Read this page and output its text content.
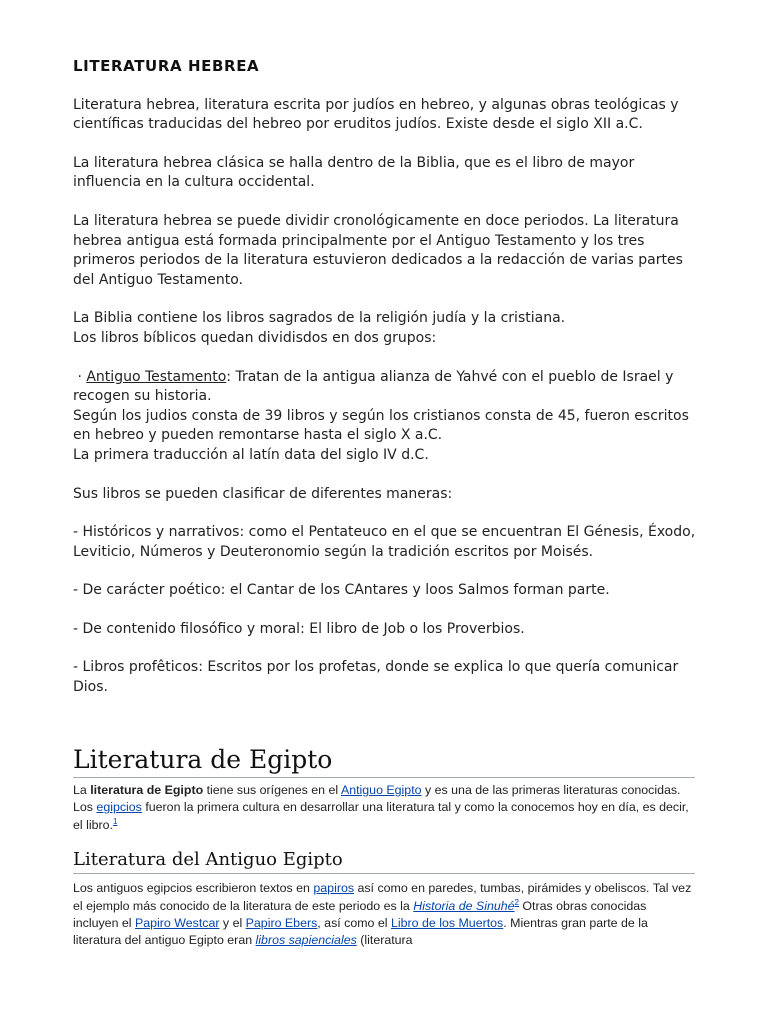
LITERATURA HEBREA

Literatura hebrea, literatura escrita por judíos en hebreo, y algunas obras teológicas y científicas traducidas del hebreo por eruditos judíos. Existe desde el siglo XII a.C.

La literatura hebrea clásica se halla dentro de la Biblia, que es el libro de mayor influencia en la cultura occidental.

La literatura hebrea se puede dividir cronológicamente en doce periodos. La literatura hebrea antigua está formada principalmente por el Antiguo Testamento y los tres primeros periodos de la literatura estuvieron dedicados a la redacción de varias partes del Antiguo Testamento.

La Biblia contiene los libros sagrados de la religión judía y la cristiana.
Los libros bíblicos quedan dividisdos en dos grupos:

· Antiguo Testamento: Tratan de la antigua alianza de Yahvé con el pueblo de Israel y recogen su historia.
Según los judios consta de 39 libros y según los cristianos consta de 45, fueron escritos en hebreo y pueden remontarse hasta el siglo X a.C.
La primera traducción al latín data del siglo IV d.C.

Sus libros se pueden clasificar de diferentes maneras:

- Históricos y narrativos: como el Pentateuco en el que se encuentran El Génesis, Éxodo, Leviticio, Números y Deuteronomio según la tradición escritos por Moisés.

- De carácter poético: el Cantar de los CAntares y loos Salmos forman parte.

- De contenido filosófico y moral: El libro de Job o los Proverbios.

- Libros profêticos: Escritos por los profetas, donde se explica lo que quería comunicar Dios.

Literatura de Egipto

La literatura de Egipto tiene sus orígenes en el Antiguo Egipto y es una de las primeras literaturas conocidas. Los egipcios fueron la primera cultura en desarrollar una literatura tal y como la conocemos hoy en día, es decir, el libro.$^1$

Literatura del Antiguo Egipto

Los antiguos egipcios escribieron textos en papiros así como en paredes, tumbas, pirámides y obeliscos. Tal vez el ejemplo más conocido de la literatura de este periodo es la Historia de Sinuhé$^2$ Otras obras conocidas incluyen el Papiro Westcar y el Papiro Ebers, así como el Libro de los Muertos. Mientras gran parte de la literatura del antiguo Egipto eran libros sapienciales (literatura
